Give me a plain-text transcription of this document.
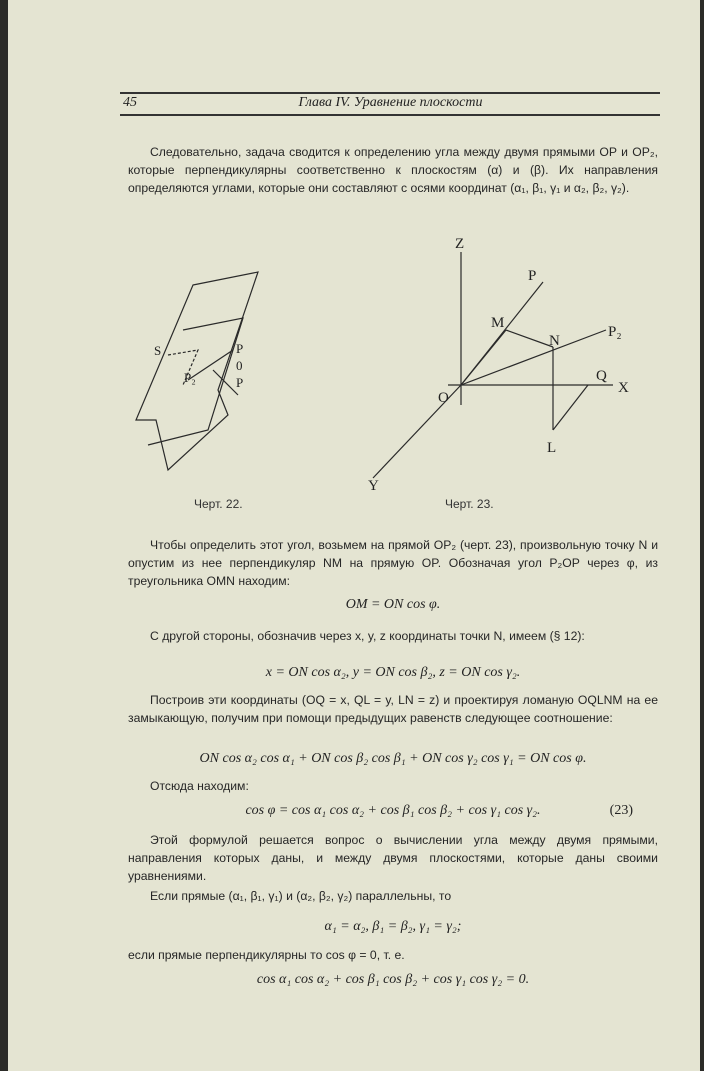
45	Глава IV. Уравнение плоскости
Следовательно, задача сводится к определению угла между двумя прямыми OP и OP₂, которые перпендикулярны соответственно к плоскостям (α) и (β). Их направления определяются углами, которые они составляют с осями координат (α₁, β₁, γ₁ и α₂, β₂, γ₂).
S
P₂
P
0
P
Z
P
M
N
P₂
O
Q
X
Y
L
Черт. 22.	Черт. 23.
Чтобы определить этот угол, возьмем на прямой OP₂ (черт. 23), произвольную точку N и опустим из нее перпендикуляр NM на прямую OP. Обозначая угол P₂OP через φ, из треугольника OMN находим:
OM = ON cos φ.
С другой стороны, обозначив через x, y, z координаты точки N, имеем (§ 12):
x = ON cos α₂, y = ON cos β₂, z = ON cos γ₂.
Построив эти координаты (OQ = x, QL = y, LN = z) и проектируя ломаную OQLNM на ее замыкающую, получим при помощи предыдущих равенств следующее соотношение:
ON cos α₂ cos α₁ + ON cos β₂ cos β₁ + ON cos γ₂ cos γ₁ = ON cos φ.
Отсюда находим:
cos φ = cos α₁ cos α₂ + cos β₁ cos β₂ + cos γ₁ cos γ₂.	(23)
Этой формулой решается вопрос о вычислении угла между двумя прямыми, направления которых даны, и между двумя плоскостями, которые даны своими уравнениями.
Если прямые (α₁, β₁, γ₁) и (α₂, β₂, γ₂) параллельны, то
α₁ = α₂, β₁ = β₂, γ₁ = γ₂;
если прямые перпендикулярны то cos φ = 0, т. е.
cos α₁ cos α₂ + cos β₁ cos β₂ + cos γ₁ cos γ₂ = 0.
